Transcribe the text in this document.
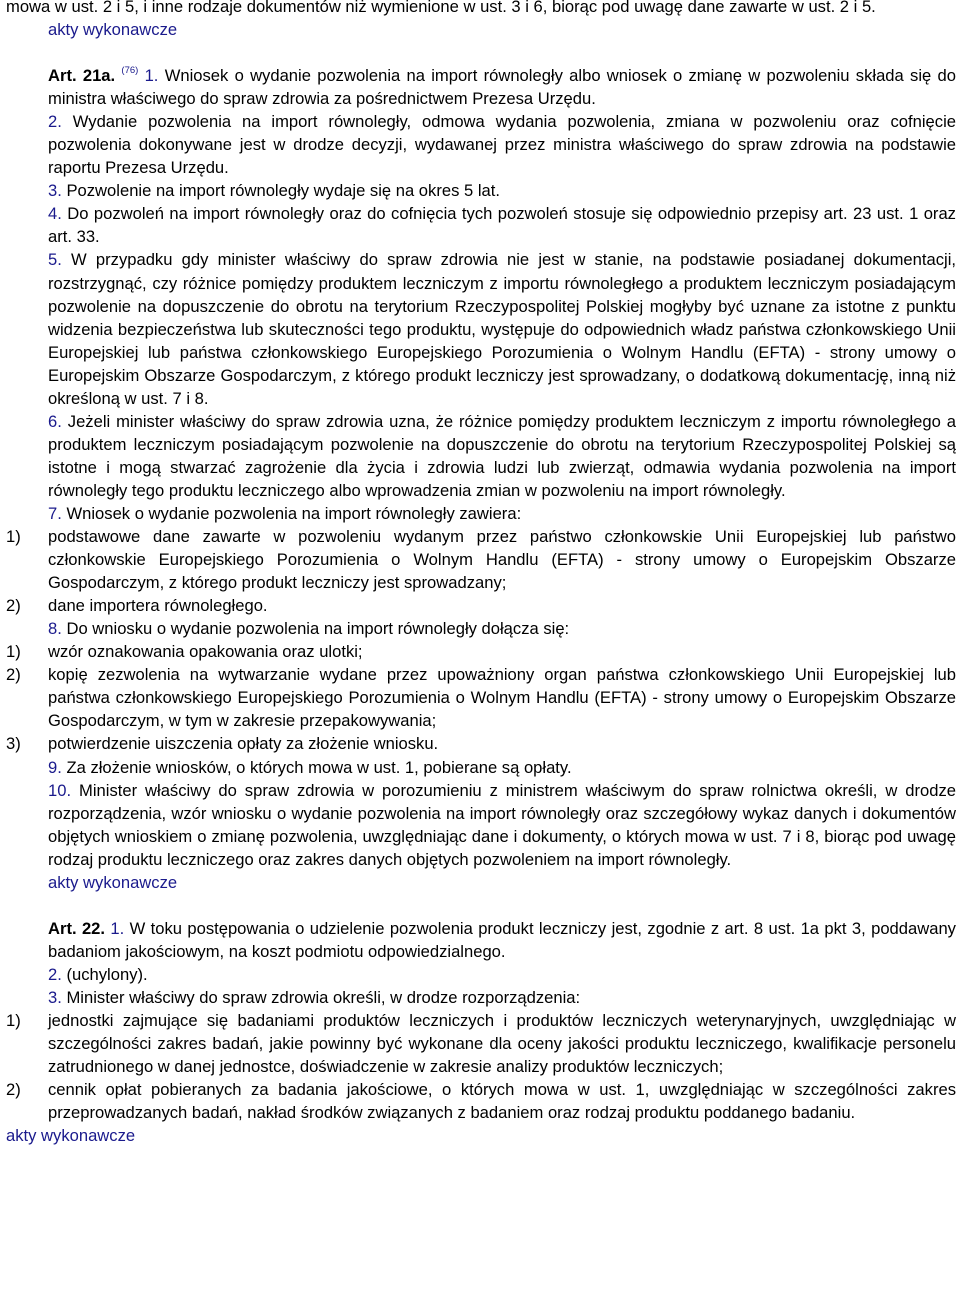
mowa w ust. 2 i 5, i inne rodzaje dokumentów niż wymienione w ust. 3 i 6, biorąc pod uwagę dane zawarte w ust. 2 i 5.

akty wykonawcze

Art. 21a. $^{(76)}$ 1. Wniosek o wydanie pozwolenia na import równoległy albo wniosek o zmianę w pozwoleniu składa się do ministra właściwego do spraw zdrowia za pośrednictwem Prezesa Urzędu.

2. Wydanie pozwolenia na import równoległy, odmowa wydania pozwolenia, zmiana w pozwoleniu oraz cofnięcie pozwolenia dokonywane jest w drodze decyzji, wydawanej przez ministra właściwego do spraw zdrowia na podstawie raportu Prezesa Urzędu.

3. Pozwolenie na import równoległy wydaje się na okres 5 lat.

4. Do pozwoleń na import równoległy oraz do cofnięcia tych pozwoleń stosuje się odpowiednio przepisy art. 23 ust. 1 oraz art. 33.

5. W przypadku gdy minister właściwy do spraw zdrowia nie jest w stanie, na podstawie posiadanej dokumentacji, rozstrzygnąć, czy różnice pomiędzy produktem leczniczym z importu równoległego a produktem leczniczym posiadającym pozwolenie na dopuszczenie do obrotu na terytorium Rzeczypospolitej Polskiej mogłyby być uznane za istotne z punktu widzenia bezpieczeństwa lub skuteczności tego produktu, występuje do odpowiednich władz państwa członkowskiego Unii Europejskiej lub państwa członkowskiego Europejskiego Porozumienia o Wolnym Handlu (EFTA) - strony umowy o Europejskim Obszarze Gospodarczym, z którego produkt leczniczy jest sprowadzany, o dodatkową dokumentację, inną niż określoną w ust. 7 i 8.

6. Jeżeli minister właściwy do spraw zdrowia uzna, że różnice pomiędzy produktem leczniczym z importu równoległego a produktem leczniczym posiadającym pozwolenie na dopuszczenie do obrotu na terytorium Rzeczypospolitej Polskiej są istotne i mogą stwarzać zagrożenie dla życia i zdrowia ludzi lub zwierząt, odmawia wydania pozwolenia na import równoległy tego produktu leczniczego albo wprowadzenia zmian w pozwoleniu na import równoległy.

7. Wniosek o wydanie pozwolenia na import równoległy zawiera:

1)	podstawowe dane zawarte w pozwoleniu wydanym przez państwo członkowskie Unii Europejskiej lub państwo członkowskie Europejskiego Porozumienia o Wolnym Handlu (EFTA) - strony umowy o Europejskim Obszarze Gospodarczym, z którego produkt leczniczy jest sprowadzany;
2)	dane importera równoległego.

8. Do wniosku o wydanie pozwolenia na import równoległy dołącza się:

1)	wzór oznakowania opakowania oraz ulotki;
2)	kopię zezwolenia na wytwarzanie wydane przez upoważniony organ państwa członkowskiego Unii Europejskiej lub państwa członkowskiego Europejskiego Porozumienia o Wolnym Handlu (EFTA) - strony umowy o Europejskim Obszarze Gospodarczym, w tym w zakresie przepakowywania;
3)	potwierdzenie uiszczenia opłaty za złożenie wniosku.

9. Za złożenie wniosków, o których mowa w ust. 1, pobierane są opłaty.

10. Minister właściwy do spraw zdrowia w porozumieniu z ministrem właściwym do spraw rolnictwa określi, w drodze rozporządzenia, wzór wniosku o wydanie pozwolenia na import równoległy oraz szczegółowy wykaz danych i dokumentów objętych wnioskiem o zmianę pozwolenia, uwzględniając dane i dokumenty, o których mowa w ust. 7 i 8, biorąc pod uwagę rodzaj produktu leczniczego oraz zakres danych objętych pozwoleniem na import równoległy.

akty wykonawcze

Art. 22. 1. W toku postępowania o udzielenie pozwolenia produkt leczniczy jest, zgodnie z art. 8 ust. 1a pkt 3, poddawany badaniom jakościowym, na koszt podmiotu odpowiedzialnego.

2. (uchylony).

3. Minister właściwy do spraw zdrowia określi, w drodze rozporządzenia:

1)	jednostki zajmujące się badaniami produktów leczniczych i produktów leczniczych weterynaryjnych, uwzględniając w szczególności zakres badań, jakie powinny być wykonane dla oceny jakości produktu leczniczego, kwalifikacje personelu zatrudnionego w danej jednostce, doświadczenie w zakresie analizy produktów leczniczych;
2)	cennik opłat pobieranych za badania jakościowe, o których mowa w ust. 1, uwzględniając w szczególności zakres przeprowadzanych badań, nakład środków związanych z badaniem oraz rodzaj produktu poddanego badaniu.

akty wykonawcze
